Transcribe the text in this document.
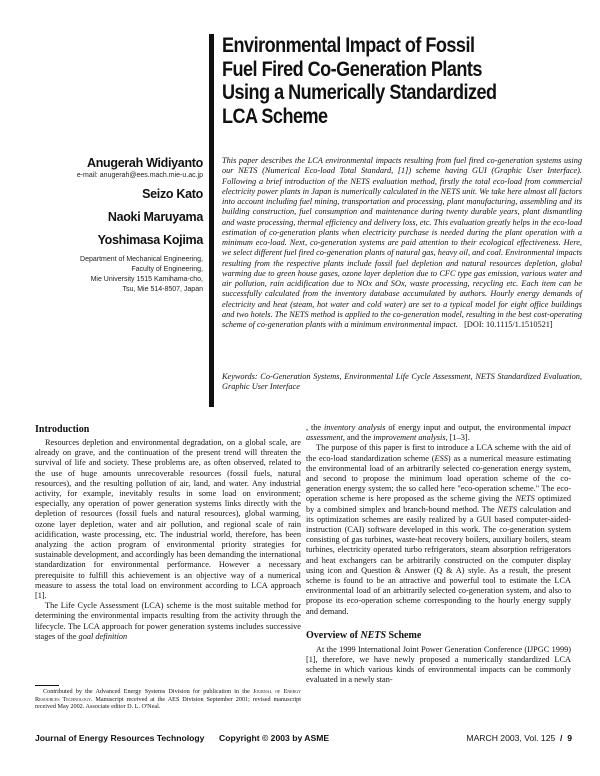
Environmental Impact of Fossil
Fuel Fired Co-Generation Plants
Using a Numerically Standardized
LCA Scheme
Anugerah Widiyanto
e-mail: anugerah@ees.mach.mie-u.ac.jp
Seizo Kato
Naoki Maruyama
Yoshimasa Kojima
Department of Mechanical Engineering,
Faculty of Engineering,
Mie University 1515 Kamihama-cho,
Tsu, Mie 514-8507, Japan
This paper describes the LCA environmental impacts resulting from fuel fired co-generation systems using our NETS (Numerical Eco-load Total Standard, [1]) scheme having GUI (Graphic User Interface). Following a brief introduction of the NETS evaluation method, firstly the total eco-load from commercial electricity power plants in Japan is numerically calculated in the NETS unit. We take here almost all factors into account including fuel mining, transportation and processing, plant manufacturing, assembling and its building construction, fuel consumption and maintenance during twenty durable years, plant dismantling and waste processing, thermal efficiency and delivery loss, etc. This evaluation greatly helps in the eco-load estimation of co-generation plants when electricity purchase is needed during the plant operation with a minimum eco-load. Next, co-generation systems are paid attention to their ecological effectiveness. Here, we select different fuel fired co-generation plants of natural gas, heavy oil, and coal. Environmental impacts resulting from the respective plants include fossil fuel depletion and natural resources depletion, global warming due to green house gases, ozone layer depletion due to CFC type gas emission, various water and air pollution, rain acidification due to NOx and SOx, waste processing, recycling etc. Each item can be successfully calculated from the inventory database accumulated by authors. Hourly energy demands of electricity and heat (steam, hot water and cold water) are set to a typical model for eight office buildings and two hotels. The NETS method is applied to the co-generation model, resulting in the best cost-operating scheme of co-generation plants with a minimum environmental impact. [DOI: 10.1115/1.1510521]
Keywords: Co-Generation Systems, Environmental Life Cycle Assessment, NETS Standardized Evaluation, Graphic User Interface
Introduction

Resources depletion and environmental degradation, on a global scale, are already on grave, and the continuation of the present trend will threaten the survival of life and society. These problems are, as often observed, related to the use of huge amounts unrecoverable resources (fossil fuels, natural resources), and the resulting pollution of air, land, and water. Any industrial activity, for example, inevitably results in some load on environment; especially, any operation of power generation systems links directly with the depletion of resources (fossil fuels and natural resources), global warming, ozone layer depletion, water and air pollution, and regional scale of rain acidification, waste processing, etc. The industrial world, therefore, has been analyzing the action program of environmental priority strategies for sustainable development, and accordingly has been demanding the international standardization for environmental performance. However a necessary prerequisite to fulfill this achievement is an objective way of a numerical measure to assess the total load on environment according to LCA approach [1].

The Life Cycle Assessment (LCA) scheme is the most suitable method for determining the environmental impacts resulting from the activity through the lifecycle. The LCA approach for power generation systems includes successive stages of the goal definition

, the inventory analysis of energy input and output, the environmental impact assessment, and the improvement analysis, [1–3].

The purpose of this paper is first to introduce a LCA scheme with the aid of the eco-load standardization scheme (ESS) as a numerical measure estimating the environmental load of an arbitrarily selected co-generation energy system, and second to propose the minimum load operation scheme of the co-generation energy system; the so called here "eco-operation scheme." The eco-operation scheme is here proposed as the scheme giving the NETS optimized by a combined simplex and branch-bound method. The NETS calculation and its optimization schemes are easily realized by a GUI based computer-aided-instruction (CAI) software developed in this work. The co-generation system consisting of gas turbines, waste-heat recovery boilers, auxiliary boilers, steam turbines, electricity operated turbo refrigerators, steam absorption refrigerators and heat exchangers can be arbitrarily constructed on the computer display using icon and Question & Answer (Q & A) style. As a result, the present scheme is found to be an attractive and powerful tool to estimate the LCA environmental load of an arbitrarily selected co-generation system, and also to propose its eco-operation scheme corresponding to the hourly energy supply and demand.

Overview of NETS Scheme

At the 1999 International Joint Power Generation Conference (IJPGC 1999) [1], therefore, we have newly proposed a numerically standardized LCA scheme in which various kinds of environmental impacts can be commonly evaluated in a newly stan-

Contributed by the Advanced Energy Systems Division for publication in the Journal of Energy Resources Technology. Manuscript received at the AES Division September 2001; revised manuscript received May 2002. Associate editor D. L. O'Neal.
Journal of Energy Resources Technology Copyright © 2003 by ASME	MARCH 2003, Vol. 125 / 9
